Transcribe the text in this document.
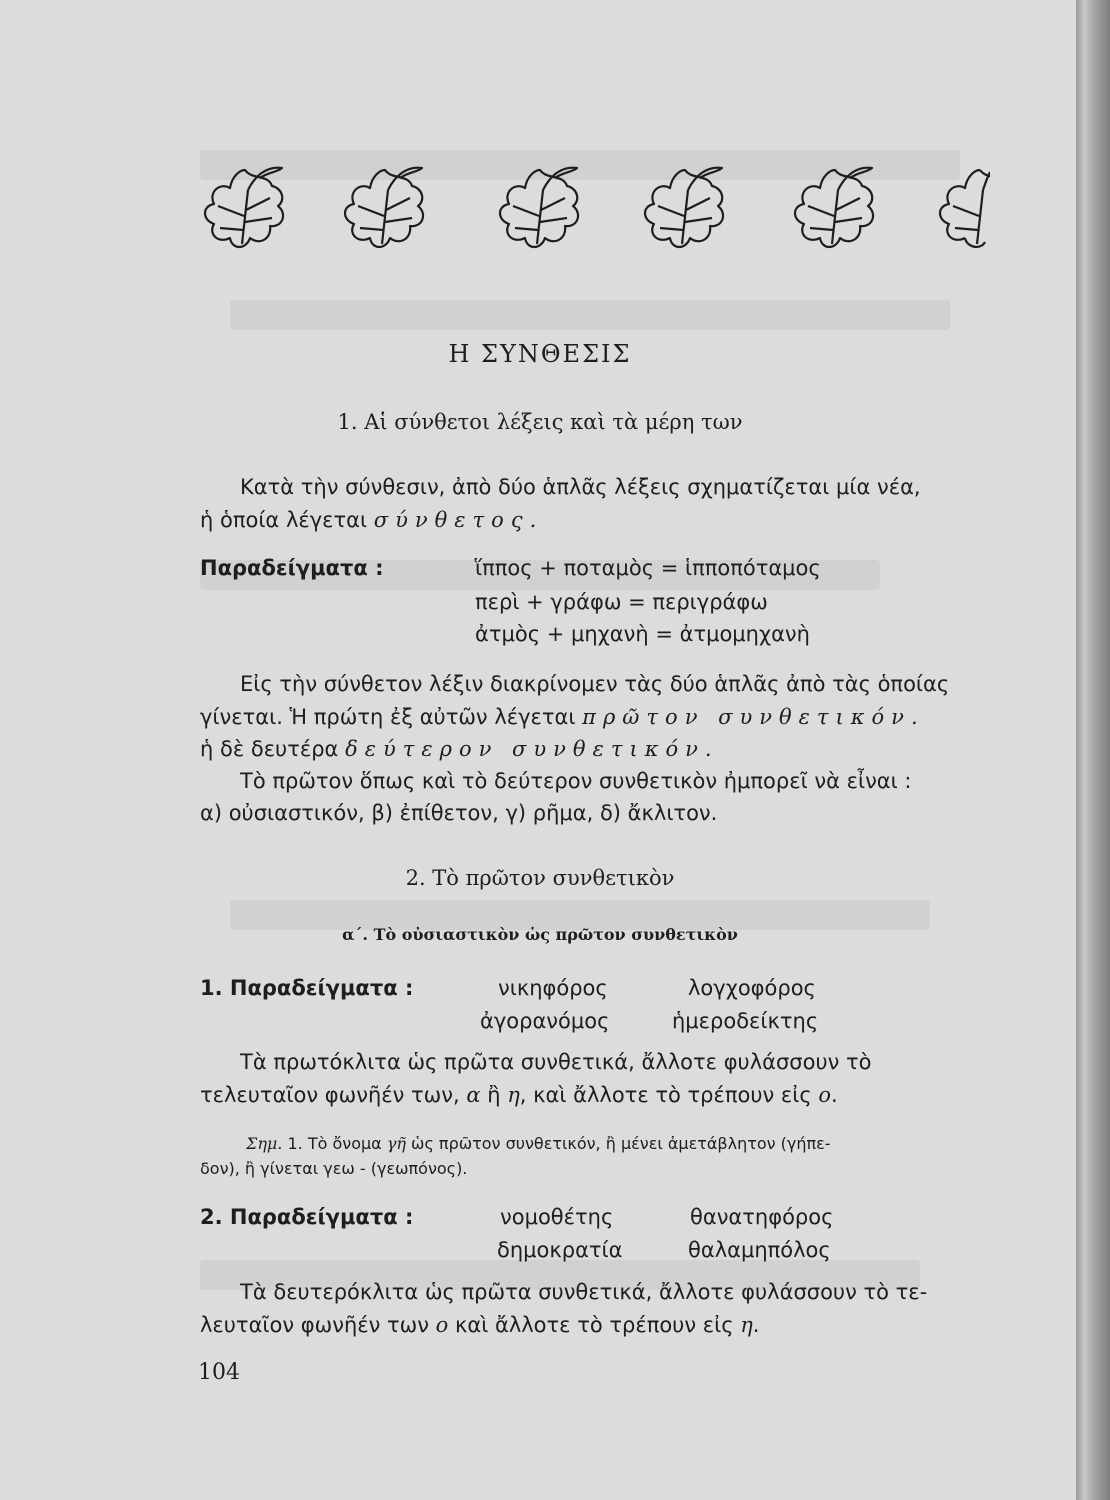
Η ΣΥΝΘΕΣΙΣ
1. Αἱ σύνθετοι λέξεις καὶ τὰ μέρη των
Κατὰ τὴν σύνθεσιν, ἀπὸ δύο ἁπλᾶς λέξεις σχηματίζεται μία νέα,
ἡ ὁποία λέγεται σύνθετος.
Παραδείγματα :	ἵππος + ποταμὸς = ἱπποπόταμος
περὶ + γράφω = περιγράφω
ἀτμὸς + μηχανὴ = ἀτμομηχανὴ
Εἰς τὴν σύνθετον λέξιν διακρίνομεν τὰς δύο ἁπλᾶς ἀπὸ τὰς ὁποίας
γίνεται. Ἡ πρώτη ἐξ αὐτῶν λέγεται πρῶτον συνθετικόν.
ἡ δὲ δευτέρα δεύτερον συνθετικόν.
Τὸ πρῶτον ὅπως καὶ τὸ δεύτερον συνθετικὸν ἠμπορεῖ νὰ εἶναι :
α) οὐσιαστικόν, β) ἐπίθετον, γ) ρῆμα, δ) ἄκλιτον.
2. Τὸ πρῶτον συνθετικὸν
α΄. Τὸ οὐσιαστικὸν ὡς πρῶτον συνθετικὸν
1. Παραδείγματα :	νικηφόρος	λογχοφόρος
ἀγορανόμος	ἡμεροδείκτης
Τὰ πρωτόκλιτα ὡς πρῶτα συνθετικά, ἄλλοτε φυλάσσουν τὸ
τελευταῖον φωνῆέν των, α ἢ η, καὶ ἄλλοτε τὸ τρέπουν εἰς ο.
Σημ. 1. Τὸ ὄνομα γῆ ὡς πρῶτον συνθετικόν, ἢ μένει ἀμετάβλητον (γήπε-
δον), ἢ γίνεται γεω - (γεωπόνος).
2. Παραδείγματα :	νομοθέτης	θανατηφόρος
δημοκρατία	θαλαμηπόλος
Τὰ δευτερόκλιτα ὡς πρῶτα συνθετικά, ἄλλοτε φυλάσσουν τὸ τε-
λευταῖον φωνῆέν των ο καὶ ἄλλοτε τὸ τρέπουν εἰς η.
104
